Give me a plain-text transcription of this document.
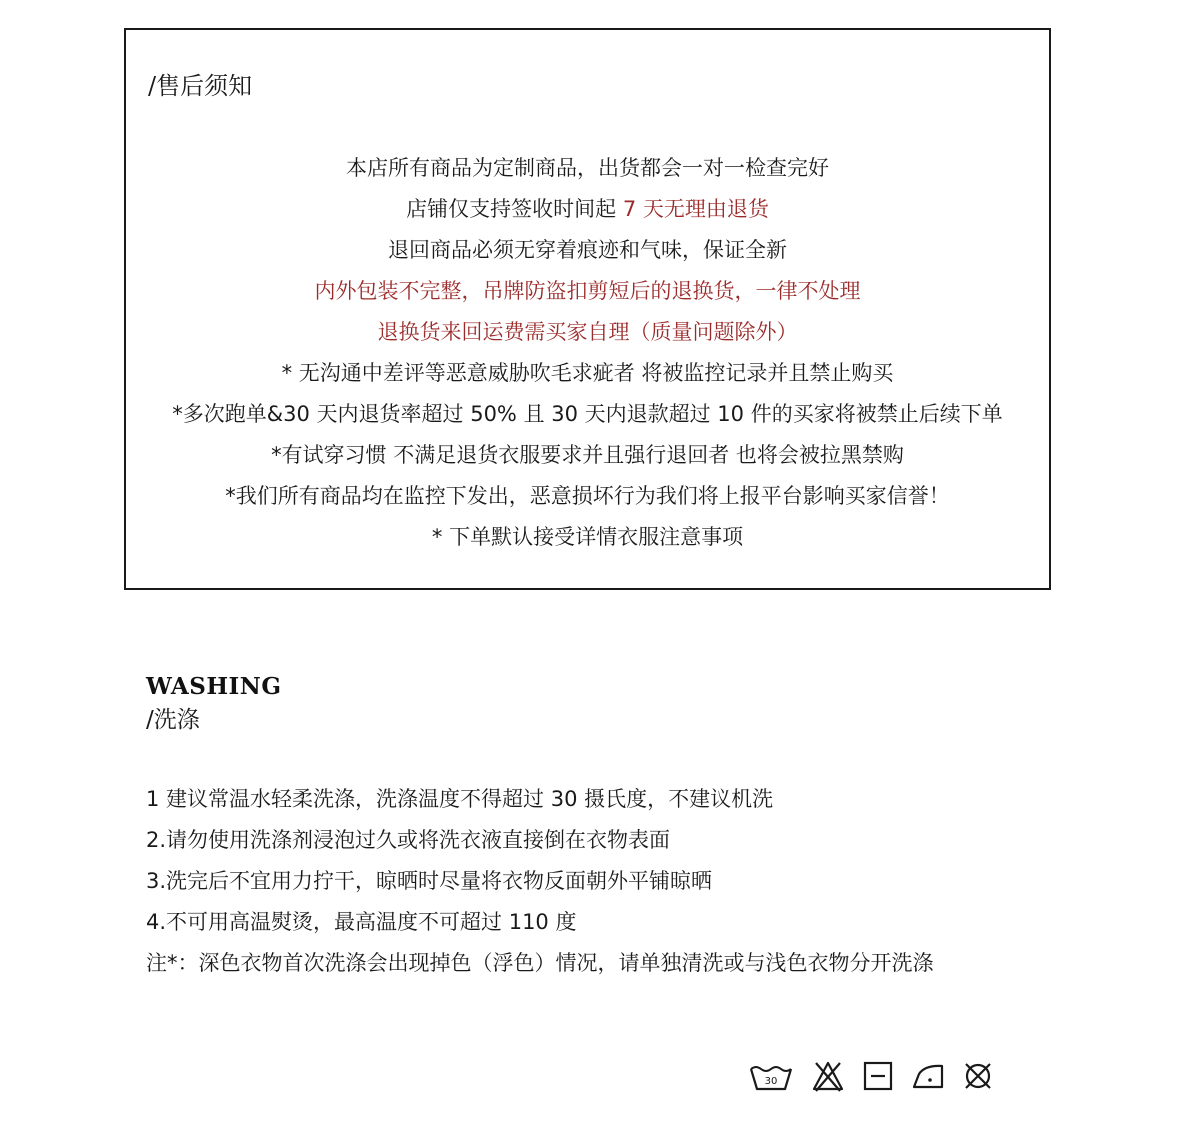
/售后须知
本店所有商品为定制商品，出货都会一对一检查完好
店铺仅支持签收时间起 7 天无理由退货
退回商品必须无穿着痕迹和气味，保证全新
内外包装不完整，吊牌防盗扣剪短后的退换货，一律不处理
退换货来回运费需买家自理（质量问题除外）
* 无沟通中差评等恶意威胁吹毛求疵者 将被监控记录并且禁止购买
*多次跑单&30 天内退货率超过 50% 且 30 天内退款超过 10 件的买家将被禁止后续下单
*有试穿习惯 不满足退货衣服要求并且强行退回者 也将会被拉黑禁购
*我们所有商品均在监控下发出，恶意损坏行为我们将上报平台影响买家信誉！
* 下单默认接受详情衣服注意事项
WASHING
/洗涤
1 建议常温水轻柔洗涤，洗涤温度不得超过 30 摄氏度，不建议机洗
2.请勿使用洗涤剂浸泡过久或将洗衣液直接倒在衣物表面
3.洗完后不宜用力拧干，晾晒时尽量将衣物反面朝外平铺晾晒
4.不可用高温熨烫，最高温度不可超过 110 度
注*：深色衣物首次洗涤会出现掉色（浮色）情况，请单独清洗或与浅色衣物分开洗涤
30
